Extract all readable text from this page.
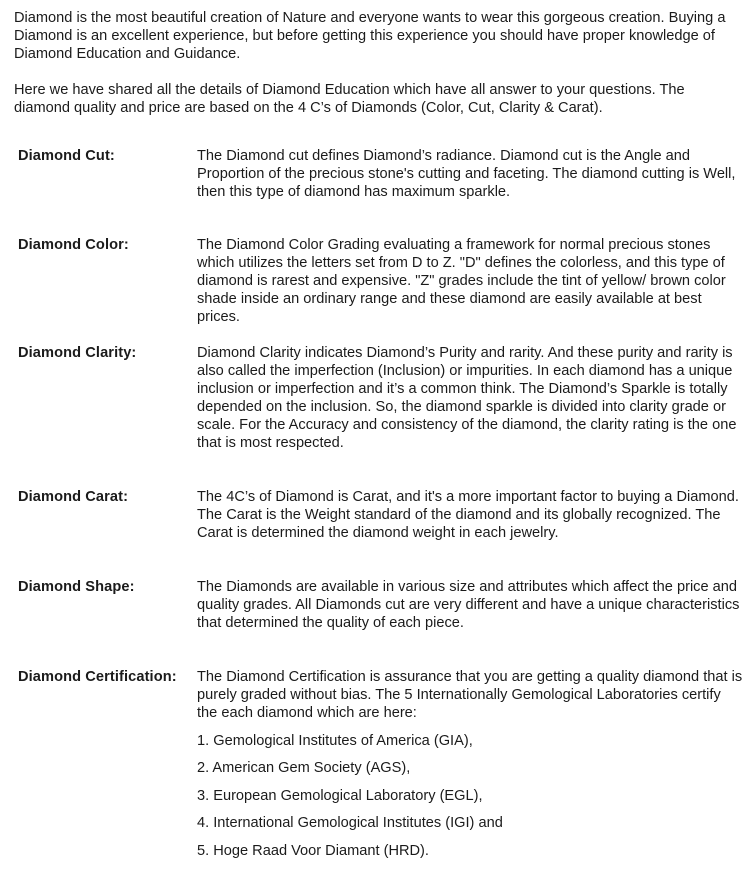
Diamond is the most beautiful creation of Nature and everyone wants to wear this gorgeous creation. Buying a Diamond is an excellent experience, but before getting this experience you should have proper knowledge of Diamond Education and Guidance.

Here we have shared all the details of Diamond Education which have all answer to your questions. The diamond quality and price are based on the 4 C’s of Diamonds (Color, Cut, Clarity & Carat).

Diamond Cut:	The Diamond cut defines Diamond’s radiance. Diamond cut is the Angle and Proportion of the precious stone's cutting and faceting. The diamond cutting is Well, then this type of diamond has maximum sparkle.

Diamond Color:	The Diamond Color Grading evaluating a framework for normal precious stones which utilizes the letters set from D to Z. "D" defines the colorless, and this type of diamond is rarest and expensive. "Z" grades include the tint of yellow/ brown color shade inside an ordinary range and these diamond are easily available at best prices.

Diamond Clarity:	Diamond Clarity indicates Diamond’s Purity and rarity. And these purity and rarity is also called the imperfection (Inclusion) or impurities. In each diamond has a unique inclusion or imperfection and it’s a common think. The Diamond’s Sparkle is totally depended on the inclusion. So, the diamond sparkle is divided into clarity grade or scale. For the Accuracy and consistency of the diamond, the clarity rating is the one that is most respected.

Diamond Carat:	The 4C’s of Diamond is Carat, and it's a more important factor to buying a Diamond. The Carat is the Weight standard of the diamond and its globally recognized. The Carat is determined the diamond weight in each jewelry.

Diamond Shape:	The Diamonds are available in various size and attributes which affect the price and quality grades. All Diamonds cut are very different and have a unique characteristics that determined the quality of each piece.

Diamond Certification:	The Diamond Certification is assurance that you are getting a quality diamond that is purely graded without bias. The 5 Internationally Gemological Laboratories certify the each diamond which are here:

1. Gemological Institutes of America (GIA),
2. American Gem Society (AGS),
3. European Gemological Laboratory (EGL),
4. International Gemological Institutes (IGI) and
5. Hoge Raad Voor Diamant (HRD).
